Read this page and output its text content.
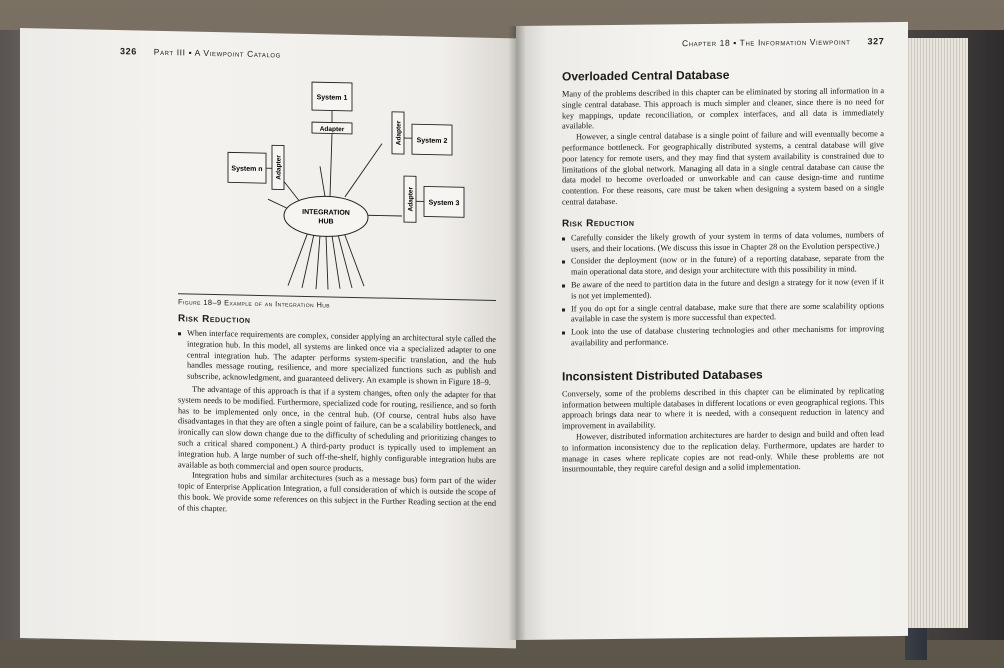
326 Part III ▪ A Viewpoint Catalog
System 1
Adapter
System 2
Adapter
System 3
Adapter
System n Adapter
INTEGRATION
HUB
Figure 18–9 Example of an Integration Hub
Risk Reduction
When interface requirements are complex, consider applying an architectural style called the integration hub. In this model, all systems are linked once via a specialized adapter to one central integration hub. The adapter performs system-specific translation, and the hub handles message routing, resilience, and more specialized functions such as publish and subscribe, acknowledgment, and guaranteed delivery. An example is shown in Figure 18–9.

The advantage of this approach is that if a system changes, often only the adapter for that system needs to be modified. Furthermore, specialized code for routing, resilience, and so forth has to be implemented only once, in the central hub. (Of course, central hubs also have disadvantages in that they are often a single point of failure, can be a scalability bottleneck, and ironically can slow down change due to the difficulty of scheduling and prioritizing changes to such a critical shared component.) A third-party product is typically used to implement an integration hub. A large number of such off-the-shelf, highly configurable integration hubs are available as both commercial and open source products.

Integration hubs and similar architectures (such as a message bus) form part of the wider topic of Enterprise Application Integration, a full consideration of which is outside the scope of this book. We provide some references on this subject in the Further Reading section at the end of this chapter.

Chapter 18 ▪ The Information Viewpoint 327
Overloaded Central Database

Many of the problems described in this chapter can be eliminated by storing all information in a single central database. This approach is much simpler and cleaner, since there is no need for key mappings, update reconciliation, or complex interfaces, and all data is immediately available.

However, a single central database is a single point of failure and will eventually become a performance bottleneck. For geographically distributed systems, a central database will give poor latency for remote users, and they may find that system availability is constrained due to limitations of the global network. Managing all data in a single central database can cause the data model to become overloaded or unworkable and can cause design-time and runtime contention. For these reasons, care must be taken when designing a system based on a single central database.

Risk Reduction
Carefully consider the likely growth of your system in terms of data volumes, numbers of users, and their locations. (We discuss this issue in Chapter 28 on the Evolution perspective.)
Consider the deployment (now or in the future) of a reporting database, separate from the main operational data store, and design your architecture with this possibility in mind.
Be aware of the need to partition data in the future and design a strategy for it now (even if it is not yet implemented).
If you do opt for a single central database, make sure that there are some scalability options available in case the system is more successful than expected.
Look into the use of database clustering technologies and other mechanisms for improving availability and performance.
Inconsistent Distributed Databases

Conversely, some of the problems described in this chapter can be eliminated by replicating information between multiple databases in different locations or even geographical regions. This approach brings data near to where it is needed, with a consequent reduction in latency and improvement in availability.

However, distributed information architectures are harder to design and build and often lead to information inconsistency due to the replication delay. Furthermore, updates are harder to manage in cases where replicate copies are not read-only. While these problems are not insurmountable, they require careful design and a solid implementation.
